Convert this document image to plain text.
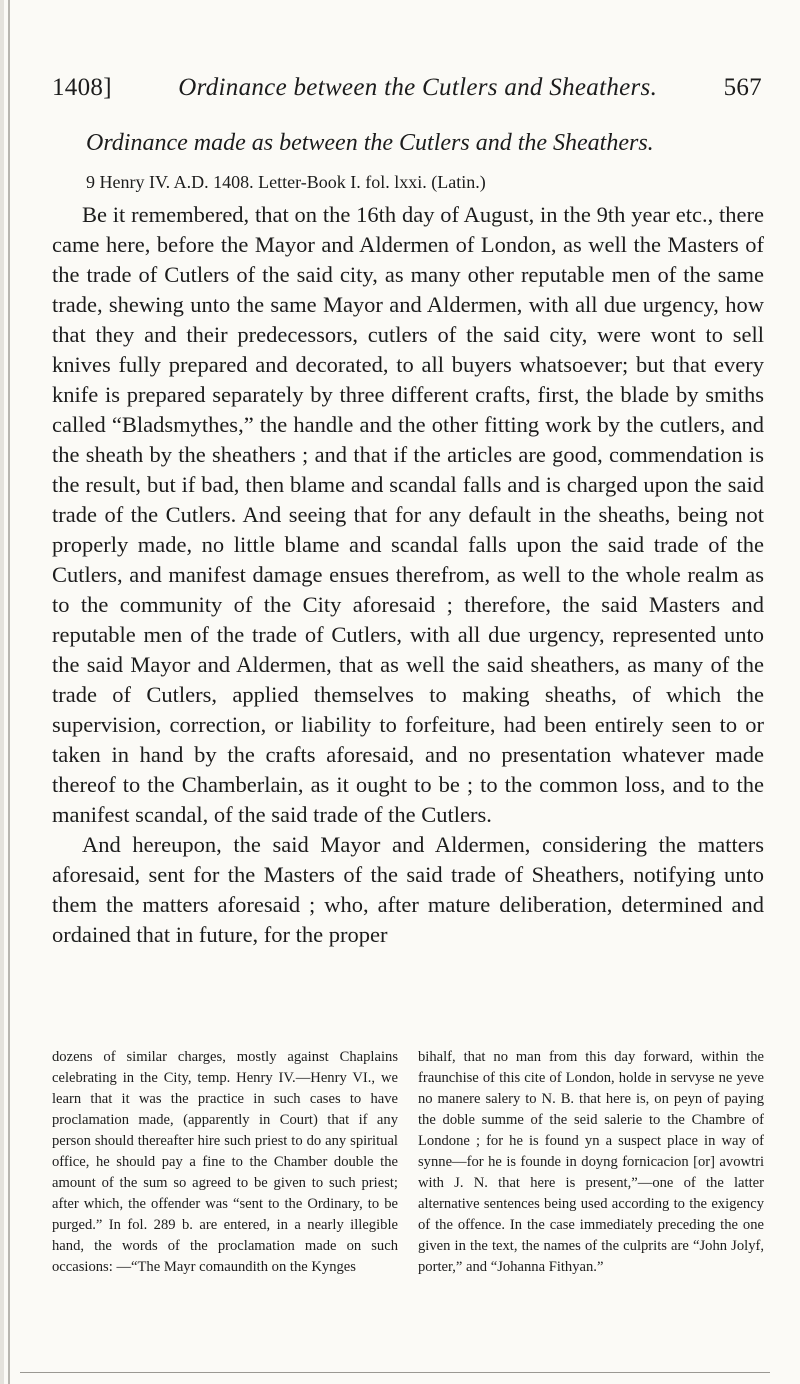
1408]	Ordinance between the Cutlers and Sheathers.	567
Ordinance made as between the Cutlers and the Sheathers.
9 Henry IV. A.D. 1408. Letter-Book I. fol. lxxi. (Latin.)

Be it remembered, that on the 16th day of August, in the 9th year etc., there came here, before the Mayor and Aldermen of London, as well the Masters of the trade of Cutlers of the said city, as many other reputable men of the same trade, shewing unto the same Mayor and Aldermen, with all due urgency, how that they and their predecessors, cutlers of the said city, were wont to sell knives fully prepared and decorated, to all buyers whatsoever; but that every knife is prepared separately by three different crafts, first, the blade by smiths called “Bladsmythes,” the handle and the other fitting work by the cutlers, and the sheath by the sheathers ; and that if the articles are good, commendation is the result, but if bad, then blame and scandal falls and is charged upon the said trade of the Cutlers. And seeing that for any default in the sheaths, being not properly made, no little blame and scandal falls upon the said trade of the Cutlers, and manifest damage ensues therefrom, as well to the whole realm as to the community of the City aforesaid ; therefore, the said Masters and reputable men of the trade of Cutlers, with all due urgency, represented unto the said Mayor and Aldermen, that as well the said sheathers, as many of the trade of Cutlers, applied themselves to making sheaths, of which the supervision, correction, or liability to forfeiture, had been entirely seen to or taken in hand by the crafts aforesaid, and no presentation whatever made thereof to the Chamberlain, as it ought to be ; to the common loss, and to the manifest scandal, of the said trade of the Cutlers.

And hereupon, the said Mayor and Aldermen, considering the matters aforesaid, sent for the Masters of the said trade of Sheathers, notifying unto them the matters aforesaid ; who, after mature deliberation, determined and ordained that in future, for the proper

dozens of similar charges, mostly against Chaplains celebrating in the City, temp. Henry IV.—Henry VI., we learn that it was the practice in such cases to have proclamation made, (apparently in Court) that if any person should thereafter hire such priest to do any spiritual office, he should pay a fine to the Chamber double the amount of the sum so agreed to be given to such priest; after which, the offender was “sent to the Ordinary, to be purged.” In fol. 289 b. are entered, in a nearly illegible hand, the words of the proclamation made on such occasions: —“The Mayr comaundith on the Kynges

bihalf, that no man from this day forward, within the fraunchise of this cite of London, holde in servyse ne yeve no manere salery to N. B. that here is, on peyn of paying the doble summe of the seid salerie to the Chambre of Londone ; for he is found yn a suspect place in way of synne—for he is founde in doyng fornicacion [or] avowtri with J. N. that here is present,”—one of the latter alternative sentences being used according to the exigency of the offence. In the case immediately preceding the one given in the text, the names of the culprits are “John Jolyf, porter,” and “Johanna Fithyan.”
